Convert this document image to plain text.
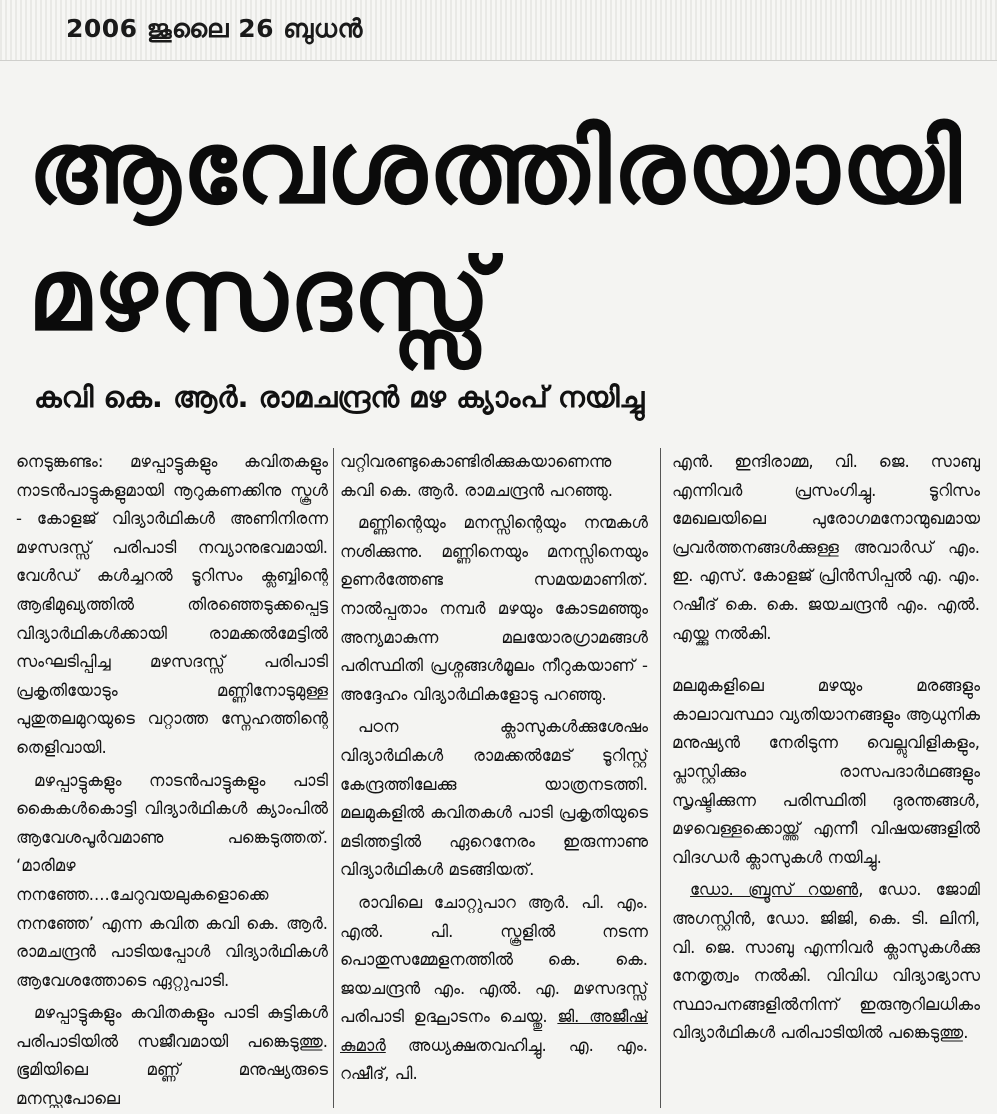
2006 ജൂലൈ 26 ബുധൻ
ആവേശത്തിരയായി
മഴസദസ്സ്
കവി കെ. ആർ. രാമചന്ദ്രൻ മഴ ക്യാംപ് നയിച്ചു

നെടുങ്കണ്ടം: മഴപ്പാട്ടുകളും കവിതകളും നാടൻപാട്ടുകളുമായി നൂറുകണക്കിനു സ്കൂൾ - കോളജ് വിദ്യാർഥികൾ അണിനിരന്ന മഴസദസ്സ് പരിപാടി നവ്യാനുഭവമായി. വേൾഡ് കൾച്ചറൽ ടൂറിസം ക്ലബ്ബിന്റെ ആഭിമുഖ്യത്തിൽ തിരഞ്ഞെടുക്കപ്പെട്ട വിദ്യാർഥികൾക്കായി രാമക്കൽമേട്ടിൽ സംഘടിപ്പിച്ച മഴസദസ്സ് പരിപാടി പ്രകൃതിയോടും മണ്ണിനോടുമുള്ള പുതുതലമുറയുടെ വറ്റാത്ത സ്നേഹത്തിന്റെ തെളിവായി.

മഴപ്പാട്ടുകളും നാടൻപാട്ടുകളും പാടി കൈകൾകൊട്ടി വിദ്യാർഥികൾ ക്യാംപിൽ ആവേശപൂർവമാണു പങ്കെടുത്തത്. ‘മാരിമഴ നനഞ്ഞേ....ചേറുവയലുകളൊക്കെ നനഞ്ഞേ’ എന്ന കവിത കവി കെ. ആർ. രാമചന്ദ്രൻ പാടിയപ്പോൾ വിദ്യാർഥികൾ ആവേശത്തോടെ ഏറ്റുപാടി.

മഴപ്പാട്ടുകളും കവിതകളും പാടി കുട്ടികൾ പരിപാടിയിൽ സജീവമായി പങ്കെടുത്തു. ഭൂമിയിലെ മണ്ണ് മനുഷ്യരുടെ മനസ്സുപോലെ

വറ്റിവരണ്ടുകൊണ്ടിരിക്കുകയാണെന്നു കവി കെ. ആർ. രാമചന്ദ്രൻ പറഞ്ഞു.

മണ്ണിന്റെയും മനസ്സിന്റെയും നന്മകൾ നശിക്കുന്നു. മണ്ണിനെയും മനസ്സിനെയും ഉണർത്തേണ്ട സമയമാണിത്. നാൽപ്പതാം നമ്പർ മഴയും കോടമഞ്ഞും അന്യമാകുന്ന മലയോരഗ്രാമങ്ങൾ പരിസ്ഥിതി പ്രശ്നങ്ങൾമൂലം നീറുകയാണ് - അദ്ദേഹം വിദ്യാർഥികളോടു പറഞ്ഞു.

പഠന ക്ലാസുകൾക്കുശേഷം വിദ്യാർഥികൾ രാമക്കൽമേട് ടൂറിസ്റ്റ് കേന്ദ്രത്തിലേക്കു യാത്രനടത്തി. മലമുകളിൽ കവിതകൾ പാടി പ്രകൃതിയുടെ മടിത്തട്ടിൽ ഏറെനേരം ഇരുന്നാണു വിദ്യാർഥികൾ മടങ്ങിയത്.

രാവിലെ ചോറ്റുപാറ ആർ. പി. എം. എൽ. പി. സ്കൂളിൽ നടന്ന പൊതുസമ്മേളനത്തിൽ കെ. കെ. ജയചന്ദ്രൻ എം. എൽ. എ. മഴസദസ്സ് പരിപാടി ഉദ്ഘാടനം ചെയ്തു. ജി. അജീഷ് കുമാർ അധ്യക്ഷതവഹിച്ചു. എ. എം. റഷീദ്, പി.

എൻ. ഇന്ദിരാമ്മ, വി. ജെ. സാബു എന്നിവർ പ്രസംഗിച്ചു. ടൂറിസം മേഖലയിലെ പുരോഗമനോന്മുഖമായ പ്രവർത്തനങ്ങൾക്കുള്ള അവാർഡ് എം. ഇ. എസ്. കോളജ് പ്രിൻസിപ്പൽ എ. എം. റഷീദ് കെ. കെ. ജയചന്ദ്രൻ എം. എൽ. എയ്ക്കു നൽകി.

മലമുകളിലെ മഴയും മരങ്ങളും കാലാവസ്ഥാ വ്യതിയാനങ്ങളും ആധുനിക മനുഷ്യൻ നേരിടുന്ന വെല്ലുവിളികളും, പ്ലാസ്റ്റിക്കും രാസപദാർഥങ്ങളും സൃഷ്ടിക്കുന്ന പരിസ്ഥിതി ദുരന്തങ്ങൾ, മഴവെള്ളക്കൊയ്ത്ത് എന്നീ വിഷയങ്ങളിൽ വിദഗ്ധർ ക്ലാസുകൾ നയിച്ചു.

ഡോ. ബ്രൂസ് റയൺ, ഡോ. ജോമി അഗസ്റ്റിൻ, ഡോ. ജിജി, കെ. ടി. ലിനി, വി. ജെ. സാബു എന്നിവർ ക്ലാസുകൾക്കു നേതൃത്വം നൽകി. വിവിധ വിദ്യാഭ്യാസ സ്ഥാപനങ്ങളിൽനിന്ന് ഇരുനൂറിലധികം വിദ്യാർഥികൾ പരിപാടിയിൽ പങ്കെടുത്തു.
